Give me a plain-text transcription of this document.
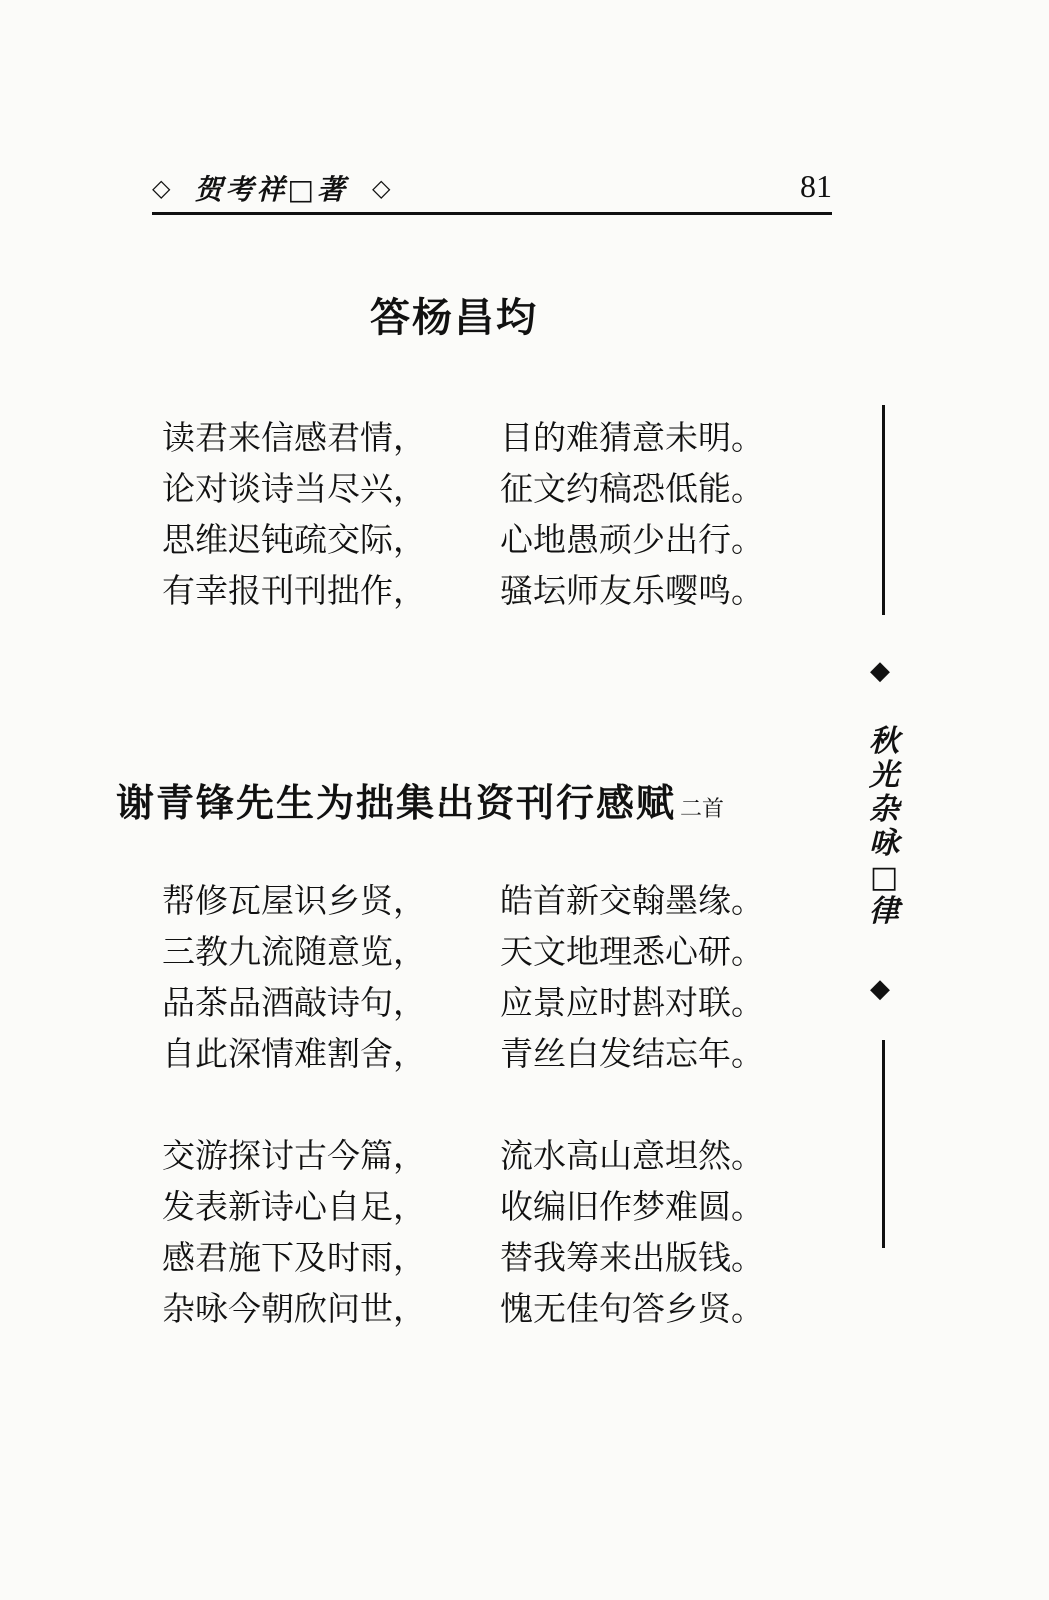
◇ 贺考祥□著 ◇	81
答杨昌均
读君来信感君情， 目的难猜意未明。
论对谈诗当尽兴， 征文约稿恐低能。
思维迟钝疏交际， 心地愚顽少出行。
有幸报刊刊拙作， 骚坛师友乐嘤鸣。
谢青锋先生为拙集出资刊行感赋 二首
帮修瓦屋识乡贤， 皓首新交翰墨缘。
三教九流随意览， 天文地理悉心研。
品茶品酒敲诗句， 应景应时斟对联。
自此深情难割舍， 青丝白发结忘年。
交游探讨古今篇， 流水高山意坦然。
发表新诗心自足， 收编旧作梦难圆。
感君施下及时雨， 替我筹来出版钱。
杂咏今朝欣问世， 愧无佳句答乡贤。
◆
秋
光
杂
咏
□
律
◆
